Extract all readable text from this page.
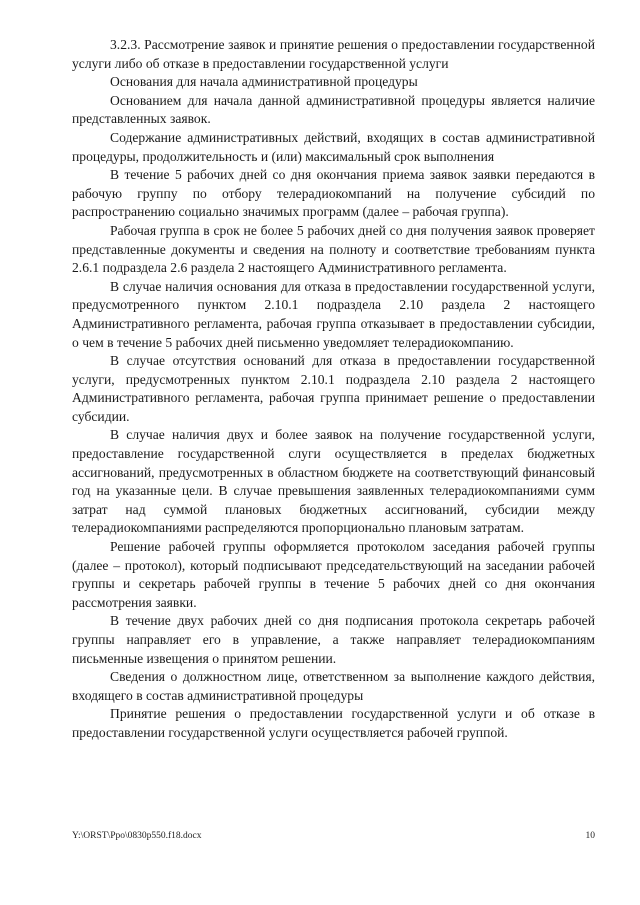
3.2.3. Рассмотрение заявок и принятие решения о предоставлении государственной услуги либо об отказе в предоставлении государственной услуги

Основания для начала административной процедуры

Основанием для начала данной административной процедуры является наличие представленных заявок.

Содержание административных действий, входящих в состав административной процедуры, продолжительность и (или) максимальный срок выполнения

В течение 5 рабочих дней со дня окончания приема заявок заявки передаются в рабочую группу по отбору телерадиокомпаний на получение субсидий по распространению социально значимых программ (далее – рабочая группа).

Рабочая группа в срок не более 5 рабочих дней со дня получения заявок проверяет представленные документы и сведения на полноту и соответствие требованиям пункта 2.6.1 подраздела 2.6 раздела 2 настоящего Административного регламента.

В случае наличия основания для отказа в предоставлении государственной услуги, предусмотренного пунктом 2.10.1 подраздела 2.10 раздела 2 настоящего Административного регламента, рабочая группа отказывает в предоставлении субсидии, о чем в течение 5 рабочих дней письменно уведомляет телерадиокомпанию.

В случае отсутствия оснований для отказа в предоставлении государственной услуги, предусмотренных пунктом 2.10.1 подраздела 2.10 раздела 2 настоящего Административного регламента, рабочая группа принимает решение о предоставлении субсидии.

В случае наличия двух и более заявок на получение государственной услуги, предоставление государственной слуги осуществляется в пределах бюджетных ассигнований, предусмотренных в областном бюджете на соответствующий финансовый год на указанные цели. В случае превышения заявленных телерадиокомпаниями сумм затрат над суммой плановых бюджетных ассигнований, субсидии между телерадиокомпаниями распределяются пропорционально плановым затратам.

Решение рабочей группы оформляется протоколом заседания рабочей группы (далее – протокол), который подписывают председательствующий на заседании рабочей группы и секретарь рабочей группы в течение 5 рабочих дней со дня окончания рассмотрения заявки.

В течение двух рабочих дней со дня подписания протокола секретарь рабочей группы направляет его в управление, а также направляет телерадиокомпаниям письменные извещения о принятом решении.

Сведения о должностном лице, ответственном за выполнение каждого действия, входящего в состав административной процедуры

Принятие решения о предоставлении государственной услуги и об отказе в предоставлении государственной услуги осуществляется рабочей группой.

Y:\ORST\Ppo\0830p550.f18.docx	10
